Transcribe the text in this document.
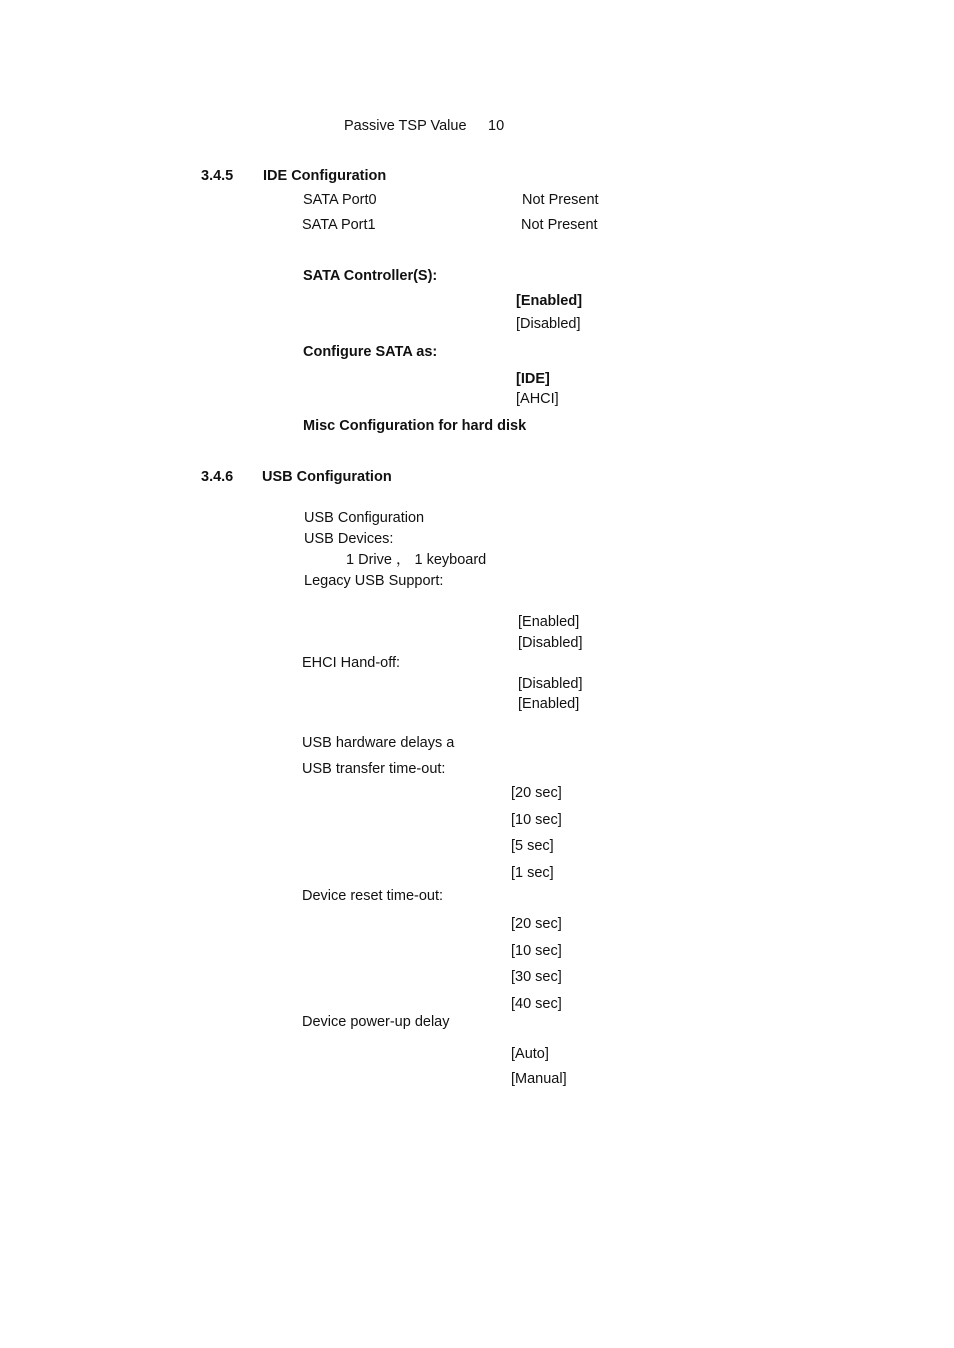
Passive TSP Value 10
3.4.5 IDE Configuration
SATA Port0	Not Present
SATA Port1	Not Present
SATA Controller(S):
[Enabled]
[Disabled]
Configure SATA as:
[IDE]
[AHCI]
Misc Configuration for hard disk
3.4.6 USB Configuration
USB Configuration
USB Devices:
1 Drive ， 1 keyboard
Legacy USB Support:
[Enabled]
[Disabled]
EHCI Hand-off:
[Disabled]
[Enabled]
USB hardware delays a
USB transfer time-out:
[20 sec]
[10 sec]
[5 sec]
[1 sec]
Device reset time-out:
[20 sec]
[10 sec]
[30 sec]
[40 sec]
Device power-up delay
[Auto]
[Manual]
